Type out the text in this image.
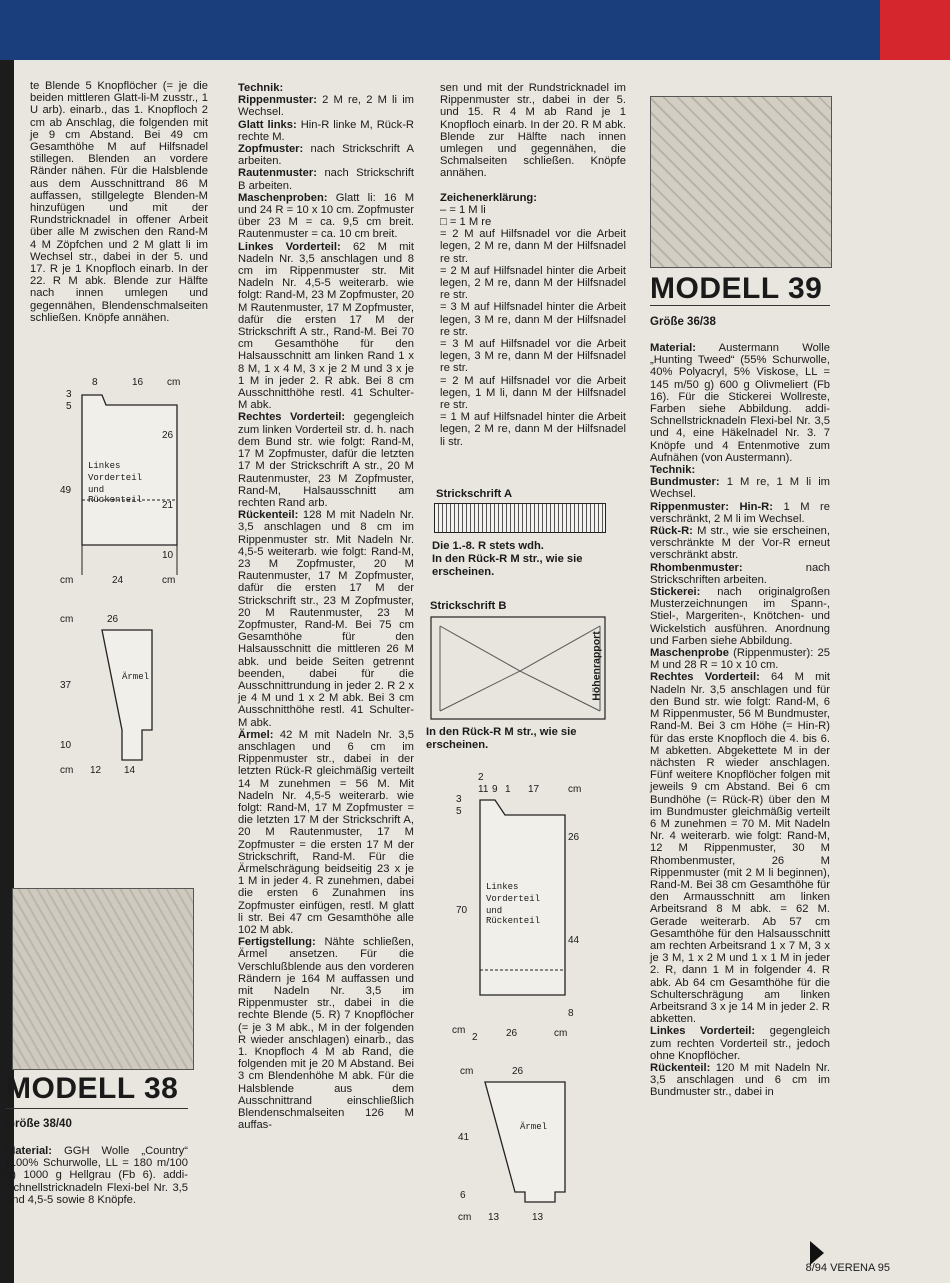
te Blende 5 Knopflöcher (= je die beiden mittleren Glatt-li-M zusstr., 1 U arb). einarb., das 1. Knopfloch 2 cm ab Anschlag, die folgenden mit je 9 cm Abstand. Bei 49 cm Gesamthöhe M auf Hilfsnadel stillegen. Blenden an vordere Ränder nähen. Für die Halsblende aus dem Ausschnittrand 86 M auffassen, stillgelegte Blenden-M hinzufügen und mit der Rundstricknadel in offener Arbeit über alle M zwischen den Rand-M 4 M Zöpfchen und 2 M glatt li im Wechsel str., dabei in der 5. und 17. R je 1 Knopfloch einarb. In der 22. R M abk. Blende zur Hälfte nach innen umlegen und gegennähen, Blendenschmalseiten schließen. Knöpfe annähen.

3
5
8	16 cm
26
Linkes
Vorderteil
und
Rückenteil
49
21
10
cm	24	cm
cm	26
37
Ärmel
10
cm 12 14
MODELL 38
Größe 38/40

Material: GGH Wolle „Country“ (100% Schurwolle, LL = 180 m/100 g) 1000 g Hellgrau (Fb 6). addi-Schnellstricknadeln Flexi-bel Nr. 3,5 und 4,5-5 sowie 8 Knöpfe.

Technik:

Rippenmuster: 2 M re, 2 M li im Wechsel.

Glatt links: Hin-R linke M, Rück-R rechte M.

Zopfmuster: nach Strickschrift A arbeiten.

Rautenmuster: nach Strickschrift B arbeiten.

Maschenproben: Glatt li: 16 M und 24 R = 10 x 10 cm. Zopfmuster über 23 M = ca. 9,5 cm breit. Rautenmuster = ca. 10 cm breit.

Linkes Vorderteil: 62 M mit Nadeln Nr. 3,5 anschlagen und 8 cm im Rippenmuster str. Mit Nadeln Nr. 4,5-5 weiterarb. wie folgt: Rand-M, 23 M Zopfmuster, 20 M Rautenmuster, 17 M Zopfmuster, dafür die ersten 17 M der Strickschrift A str., Rand-M. Bei 70 cm Gesamthöhe für den Halsausschnitt am linken Rand 1 x 8 M, 1 x 4 M, 3 x je 2 M und 3 x je 1 M in jeder 2. R abk. Bei 8 cm Ausschnitthöhe restl. 41 Schulter-M abk.

Rechtes Vorderteil: gegengleich zum linken Vorderteil str. d. h. nach dem Bund str. wie folgt: Rand-M, 17 M Zopfmuster, dafür die letzten 17 M der Strickschrift A str., 20 M Rautenmuster, 23 M Zopfmuster, Rand-M, Halsausschnitt am rechten Rand arb.

Rückenteil: 128 M mit Nadeln Nr. 3,5 anschlagen und 8 cm im Rippenmuster str. Mit Nadeln Nr. 4,5-5 weiterarb. wie folgt: Rand-M, 23 M Zopfmuster, 20 M Rautenmuster, 17 M Zopfmuster, dafür die ersten 17 M der Strickschrift str., 23 M Zopfmuster, 20 M Rautenmuster, 23 M Zopfmuster, Rand-M. Bei 75 cm Gesamthöhe für den Halsausschnitt die mittleren 26 M abk. und beide Seiten getrennt beenden, dabei für die Ausschnittrundung in jeder 2. R 2 x je 4 M und 1 x 2 M abk. Bei 3 cm Ausschnitthöhe restl. 41 Schulter-M abk.

Ärmel: 42 M mit Nadeln Nr. 3,5 anschlagen und 6 cm im Rippenmuster str., dabei in der letzten Rück-R gleichmäßig verteilt 14 M zunehmen = 56 M. Mit Nadeln Nr. 4,5-5 weiterarb. wie folgt: Rand-M, 17 M Zopfmuster = die letzten 17 M der Strickschrift A, 20 M Rautenmuster, 17 M Zopfmuster = die ersten 17 M der Strickschrift, Rand-M. Für die Ärmelschrägung beidseitig 23 x je 1 M in jeder 4. R zunehmen, dabei die ersten 6 Zunahmen ins Zopfmuster einfügen, restl. M glatt li str. Bei 47 cm Gesamthöhe alle 102 M abk.

Fertigstellung: Nähte schließen, Ärmel ansetzen. Für die Verschlußblende aus den vorderen Rändern je 164 M auffassen und mit Nadeln Nr. 3,5 im Rippenmuster str., dabei in die rechte Blende (5. R) 7 Knopflöcher (= je 3 M abk., M in der folgenden R wieder anschlagen) einarb., das 1. Knopfloch 4 M ab Rand, die folgenden mit je 20 M Abstand. Bei 3 cm Blendenhöhe M abk. Für die Halsblende aus dem Ausschnittrand einschließlich Blendenschmalseiten 126 M auffas-

sen und mit der Rundstricknadel im Rippenmuster str., dabei in der 5. und 15. R 4 M ab Rand je 1 Knopfloch einarb. In der 20. R M abk. Blende zur Hälfte nach innen umlegen und gegennähen, die Schmalseiten schließen. Knöpfe annähen.

Zeichenerklärung:

– = 1 M li

□ = 1 M re

= 2 M auf Hilfsnadel vor die Arbeit legen, 2 M re, dann M der Hilfsnadel re str.

= 2 M auf Hilfsnadel hinter die Arbeit legen, 2 M re, dann M der Hilfsnadel re str.

= 3 M auf Hilfsnadel hinter die Arbeit legen, 3 M re, dann M der Hilfsnadel re str.

= 3 M auf Hilfsnadel vor die Arbeit legen, 3 M re, dann M der Hilfsnadel re str.

= 2 M auf Hilfsnadel vor die Arbeit legen, 1 M li, dann M der Hilfsnadel re str.

= 1 M auf Hilfsnadel hinter die Arbeit legen, 2 M re, dann M der Hilfsnadel li str.

Strickschrift A
Die 1.-8. R stets wdh.
In den Rück-R M str., wie sie erscheinen.
Strickschrift B
Höhenrapport
In den Rück-R M str., wie sie erscheinen.
2
3
5
11 9 1 17	cm
26
Linkes
Vorderteil
und
Rückenteil
70
44
8
cm
2	26	cm
cm	26
41
Ärmel
6
cm 13	13
MODELL 39
Größe 36/38

Material: Austermann Wolle „Hunting Tweed“ (55% Schurwolle, 40% Polyacryl, 5% Viskose, LL = 145 m/50 g) 600 g Olivmeliert (Fb 16). Für die Stickerei Wollreste, Farben siehe Abbildung. addi-Schnellstricknadeln Flexi-bel Nr. 3,5 und 4, eine Häkelnadel Nr. 3. 7 Knöpfe und 4 Entenmotive zum Aufnähen (von Austermann).

Technik:

Bundmuster: 1 M re, 1 M li im Wechsel.

Rippenmuster: Hin-R: 1 M re verschränkt, 2 M li im Wechsel.

Rück-R: M str., wie sie erscheinen, verschränkte M der Vor-R erneut verschränkt abstr.

Rhombenmuster:	nach Strickschriften arbeiten.

Stickerei: nach originalgroßen Musterzeichnungen im Spann-, Stiel-, Margeriten-, Knötchen- und Wickelstich ausführen. Anordnung und Farben siehe Abbildung.

Maschenprobe (Rippenmuster): 25 M und 28 R = 10 x 10 cm.

Rechtes Vorderteil: 64 M mit Nadeln Nr. 3,5 anschlagen und für den Bund str. wie folgt: Rand-M, 6 M Rippenmuster, 56 M Bundmuster, Rand-M. Bei 3 cm Höhe (= Hin-R) für das erste Knopfloch die 4. bis 6. M abketten. Abgekettete M in der nächsten R wieder anschlagen. Fünf weitere Knopflöcher folgen mit jeweils 9 cm Abstand. Bei 6 cm Bundhöhe (= Rück-R) über den M im Bundmuster gleichmäßig verteilt 6 M zunehmen = 70 M. Mit Nadeln Nr. 4 weiterarb. wie folgt: Rand-M, 12 M Rippenmuster, 30 M Rhombenmuster, 26 M Rippenmuster (mit 2 M li beginnen), Rand-M. Bei 38 cm Gesamthöhe für den Armausschnitt am linken Arbeitsrand 8 M abk. = 62 M. Gerade weiterarb. Ab 57 cm Gesamthöhe für den Halsausschnitt am rechten Arbeitsrand 1 x 7 M, 3 x je 3 M, 1 x 2 M und 1 x 1 M in jeder 2. R, dann 1 M in folgender 4. R abk. Ab 64 cm Gesamthöhe für die Schulterschrägung am linken Arbeitsrand 3 x je 14 M in jeder 2. R abketten.

Linkes Vorderteil: gegengleich zum rechten Vorderteil str., jedoch ohne Knopflöcher.

Rückenteil: 120 M mit Nadeln Nr. 3,5 anschlagen und 6 cm im Bundmuster str., dabei in

8/94 VERENA 95
